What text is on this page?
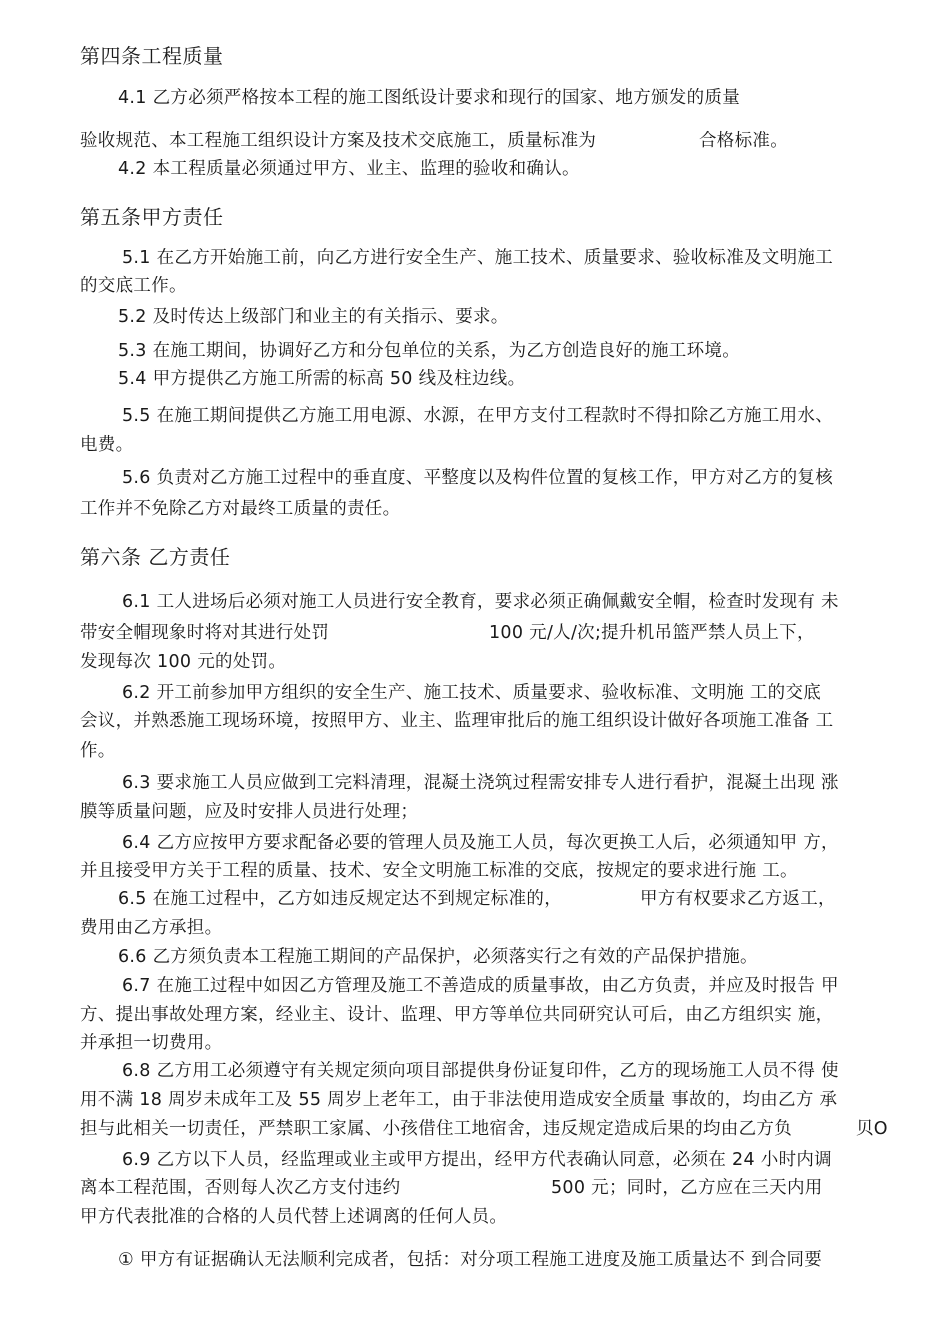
第四条工程质量
4.1 乙方必须严格按本工程的施工图纸设计要求和现行的国家、地方颁发的质量
验收规范、本工程施工组织设计方案及技术交底施工，质量标准为	合格标准。
4.2 本工程质量必须通过甲方、业主、监理的验收和确认。
第五条甲方责任
5.1 在乙方开始施工前，向乙方进行安全生产、施工技术、质量要求、验收标准及文明施工
的交底工作。
5.2 及时传达上级部门和业主的有关指示、要求。
5.3 在施工期间，协调好乙方和分包单位的关系，为乙方创造良好的施工环境。
5.4 甲方提供乙方施工所需的标高 50 线及柱边线。
5.5 在施工期间提供乙方施工用电源、水源，在甲方支付工程款时不得扣除乙方施工用水、
电费。
5.6 负责对乙方施工过程中的垂直度、平整度以及构件位置的复核工作，甲方对乙方的复核
工作并不免除乙方对最终工质量的责任。
第六条 乙方责任
6.1 工人进场后必须对施工人员进行安全教育，要求必须正确佩戴安全帽，检查时发现有 未
带安全帽现象时将对其进行处罚	100 元/人/次;提升机吊篮严禁人员上下，
发现每次 100 元的处罚。
6.2 开工前参加甲方组织的安全生产、施工技术、质量要求、验收标准、文明施 工的交底
会议，并熟悉施工现场环境，按照甲方、业主、监理审批后的施工组织设计做好各项施工准备 工
作。
6.3 要求施工人员应做到工完料清理，混凝土浇筑过程需安排专人进行看护，混凝土出现 涨
膜等质量问题，应及时安排人员进行处理；
6.4 乙方应按甲方要求配备必要的管理人员及施工人员，每次更换工人后，必须通知甲 方，
并且接受甲方关于工程的质量、技术、安全文明施工标准的交底，按规定的要求进行施 工。
6.5 在施工过程中，乙方如违反规定达不到规定标准的，	甲方有权要求乙方返工，
费用由乙方承担。
6.6 乙方须负责本工程施工期间的产品保护，必须落实行之有效的产品保护措施。
6.7 在施工过程中如因乙方管理及施工不善造成的质量事故，由乙方负责，并应及时报告 甲
方、提出事故处理方案，经业主、设计、监理、甲方等单位共同研究认可后，由乙方组织实 施，
并承担一切费用。
6.8 乙方用工必须遵守有关规定须向项目部提供身份证复印件，乙方的现场施工人员不得 使
用不满 18 周岁未成年工及 55 周岁上老年工，由于非法使用造成安全质量 事故的，均由乙方 承
担与此相关一切责任，严禁职工家属、小孩借住工地宿舍，违反规定造成后果的均由乙方负	贝O
6.9 乙方以下人员，经监理或业主或甲方提出，经甲方代表确认同意，必须在 24 小时内调
离本工程范围，否则每人次乙方支付违约	500 元；同时，乙方应在三天内用
甲方代表批准的合格的人员代替上述调离的任何人员。
① 甲方有证据确认无法顺利完成者，包括：对分项工程施工进度及施工质量达不 到合同要
